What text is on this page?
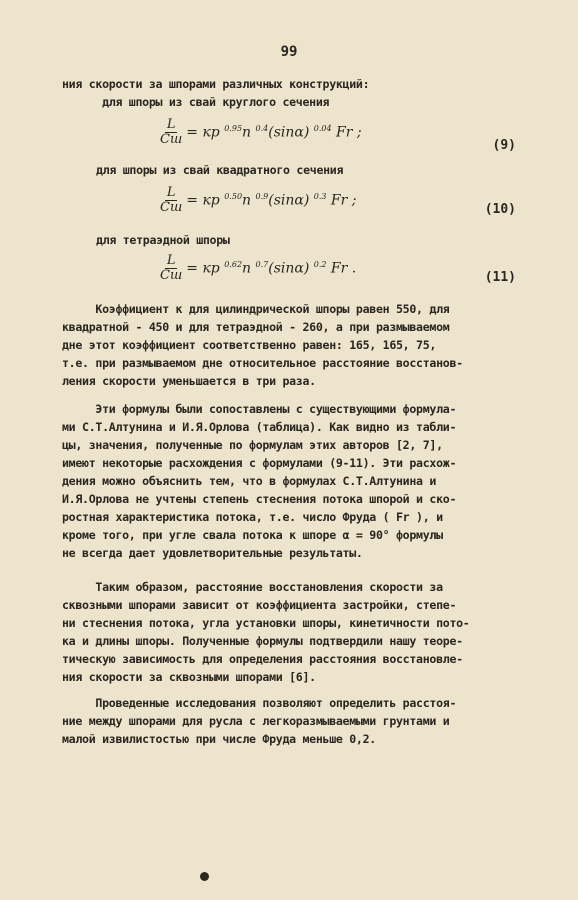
99
ния скорости за шпорами различных конструкций:
для шпоры из свай круглого сечения
$\frac{L}{Cш}$ = кр $^{0.95}$n $^{0.4}$(sinα) $^{0.04}$ Fr ;
(9)
для шпоры из свай квадратного сечения
$\frac{L}{Cш}$ = кр $^{0.50}$n $^{0.9}$(sinα) $^{0.3}$ Fr ;
(10)
для тетраэдной шпоры
$\frac{L}{Cш}$ = кр $^{0.62}$n $^{0.7}$(sinα) $^{0.2}$ Fr .
(11)
Коэффициент к для цилиндрической шпоры равен 550, для
квадратной - 450 и для тетраэдной - 260, а при размываемом
дне этот коэффициент соответственно равен: 165, 165, 75,
т.е. при размываемом дне относительное расстояние восстанов-
ления скорости уменьшается в три раза.
Эти формулы были сопоставлены с существующими формула-
ми С.Т.Алтунина и И.Я.Орлова (таблица). Как видно из табли-
цы, значения, полученные по формулам этих авторов [2, 7],
имеют некоторые расхождения с формулами (9-11). Эти расхож-
дения можно объяснить тем, что в формулах С.Т.Алтунина и
И.Я.Орлова не учтены степень стеснения потока шпорой и ско-
ростная характеристика потока, т.е. число Фруда ( Fr ), и
кроме того, при угле свала потока к шпоре α = 90° формулы
не всегда дает удовлетворительные результаты.
Таким образом, расстояние восстановления скорости за
сквозными шпорами зависит от коэффициента застройки, степе-
ни стеснения потока, угла установки шпоры, кинетичности пото-
ка и длины шпоры. Полученные формулы подтвердили нашу теоре-
тическую зависимость для определения расстояния восстановле-
ния скорости за сквозными шпорами [6].
Проведенные исследования позволяют определить расстоя-
ние между шпорами для русла с легкоразмываемыми грунтами и
малой извилистостью при числе Фруда меньше 0,2.
